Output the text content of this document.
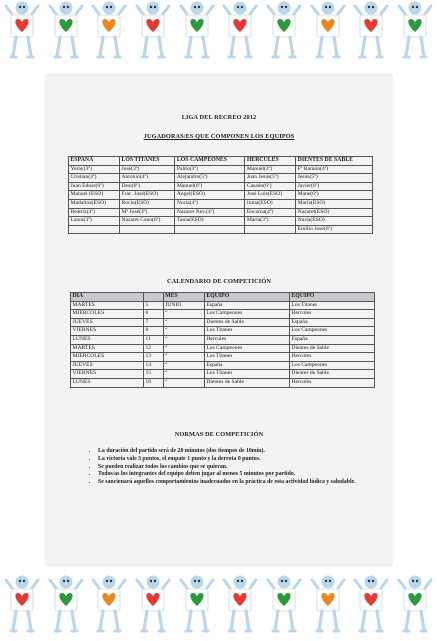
LIGA DEL RECREO 2012
JUGADORAS/ES QUE COMPONEN LOS EQUIPOS
ESPAÑA	LOS TITANES	LOS CAMPEONES	HERCULES	DIENTES DE SABLE
Yeray(3º)	José(3º)	Pablo(3º)	Manuel(3º)	Fº Ramón(4º)
Cristian(4º)	Antonio(4º)	Alejandro(5º)	Juan Jesús(5º)	Jesús(5º)
Juan Eduar(6º)	Desi(6º)	Manuel(6º)	Casado(6º)	Javier(6º)
Manuel (ESO)	Frac. José(ESO)	Ángel(ESO)	José Luis(ESO)	Mane(6º)
Madalina(ESO)	Rocío(ESO)	Nuria(4º)	Inma(ESO)	María(ESO)
Beatriz(4º)	Mª José(4º)	Nazaret Nev.(4º)	Encarna(4º)	Nazaret(ESO)
Laura(3º)	Nazaret Cano(6º)	Tania(ESO)	María(3º)	Nuria(ESO)
				Emilio José(6º)
CALENDARIO DE COMPETICIÓN
DÍA		MES	EQUIPO	EQUIPO
MARTES	5	JUNIO	España	Los Titanes
MIERCOLES	6	“	Los Campeones	Hercules
JUEVES	7	“	Dientes de Sable	España
VIERNES	8	“	Los Titanes	Los Campeones
LUNES	11	“	Hercules	España
MARTES	12	“	Los Campeones	Dientes de Sable
MIERCOLES	13	“	Los Titanes	Hercules
JUEVES	14	“	España	Los Campeones
VIERNES	15	“	Los Titanes	Dientes de Sable
LUNES	18	“	Dientes de Sable	Hercules
NORMAS DE COMPETICIÓN
• La duración del partido será de 20 minutos (dos tiempos de 10min).
• La victoria vale 3 puntos, el empate 1 punto y la derrota 0 puntos.
• Se pueden realizar todos los cambios que se quieran.
• Todos/as los integrantes del equipo deben jugar al menos 5 minutos por partido.
• Se sancionará aquellos comportamientos inadecuados en la práctica de esta actividad lúdica y saludable.
